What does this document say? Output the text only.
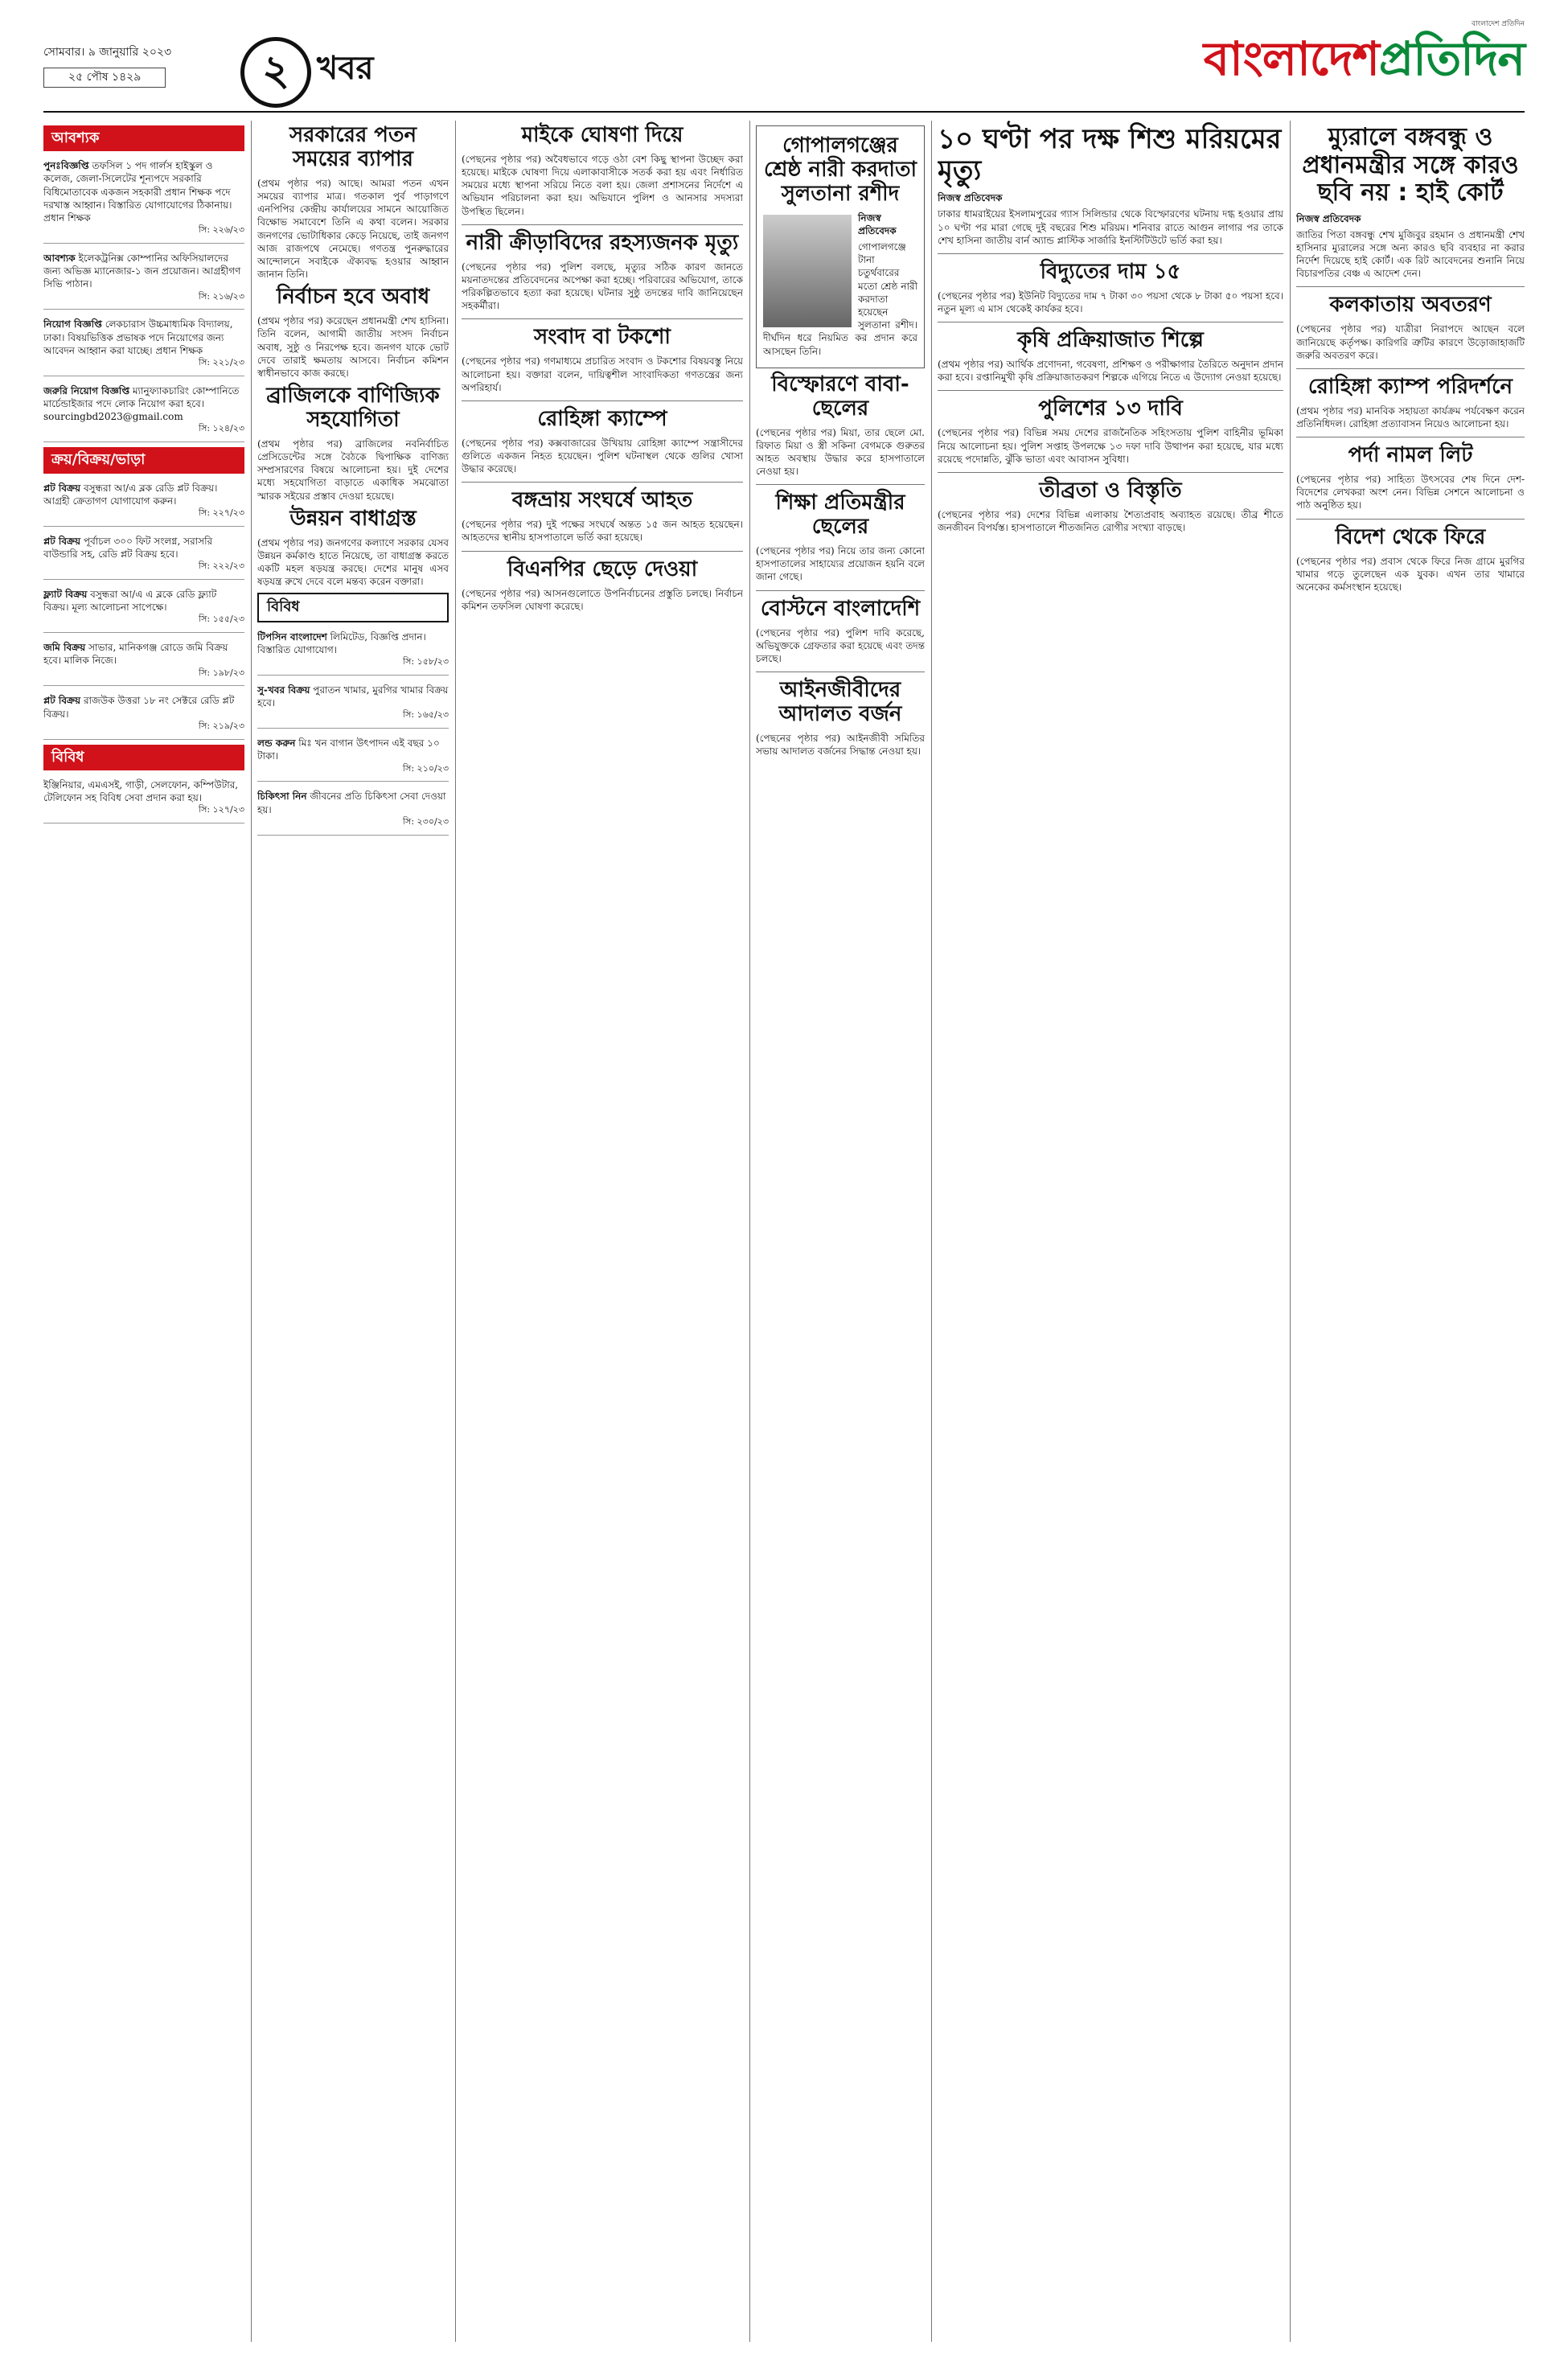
সোমবার। ৯ জানুয়ারি ২০২৩
২৫ পৌষ ১৪২৯	২ খবর
বাংলাদেশ প্রতিদিন
বাংলাদেশপ্রতিদিন
আবশ্যক
পুনঃবিজ্ঞপ্তি তফসিল ১ পদ গার্লস হাইস্কুল ও কলেজ, জেলা-সিলেটের শূন্যপদে সরকারি বিধিমোতাবেক একজন সহকারী প্রধান শিক্ষক পদে দরখাস্ত আহ্বান। বিস্তারিত যোগাযোগের ঠিকানায়। প্রধান শিক্ষক
সি: ২২৬/২৩
আবশ্যক ইলেকট্রনিক্স কোম্পানির অফিসিয়ালদের জন্য অভিজ্ঞ ম্যানেজার-১ জন প্রয়োজন। আগ্রহীগণ সিভি পাঠান।
সি: ২১৬/২৩
নিয়োগ বিজ্ঞপ্তি লেকচারাস উচ্চমাধ্যমিক বিদ্যালয়, ঢাকা। বিষয়ভিত্তিক প্রভাষক পদে নিয়োগের জন্য আবেদন আহ্বান করা যাচ্ছে। প্রধান শিক্ষক
সি: ২২১/২৩
জরুরি নিয়োগ বিজ্ঞপ্তি ম্যানুফ্যাকচারিং কোম্পানিতে মার্চেন্ডাইজার পদে লোক নিয়োগ করা হবে। sourcingbd2023@gmail.com
সি: ১২৪/২৩
ক্রয়/বিক্রয়/ভাড়া
প্লট বিক্রয় বসুন্ধরা আ/এ ব্লক রেডি প্লট বিক্রয়। আগ্রহী ক্রেতাগণ যোগাযোগ করুন।
সি: ২২৭/২৩
প্লট বিক্রয় পূর্বাচল ৩০০ ফিট সংলগ্ন, সরাসরি বাউন্ডারি সহ, রেডি প্লট বিক্রয় হবে।
সি: ২২২/২৩
ফ্ল্যাট বিক্রয় বসুন্ধরা আ/এ এ ব্লকে রেডি ফ্ল্যাট বিক্রয়। মূল্য আলোচনা সাপেক্ষে।
সি: ১৫৫/২৩
জমি বিক্রয় সাভার, মানিকগঞ্জ রোডে জমি বিক্রয় হবে। মালিক নিজে।
সি: ১৯৮/২৩
প্লট বিক্রয় রাজউক উত্তরা ১৮ নং সেক্টরে রেডি প্লট বিক্রয়।
সি: ২১৯/২৩
বিবিধ
ইঞ্জিনিয়ার, এমএসই, গাড়ী, সেলফোন, কম্পিউটার, টেলিফোন সহ বিবিধ সেবা প্রদান করা হয়।
সি: ১২৭/২৩
সরকারের পতন সময়ের ব্যাপার

(প্রথম পৃষ্ঠার পর) আছে। আমরা পতন এখন সময়ের ব্যাপার মাত্র। গতকাল পুর্ব পাড়াগণে এনপিপির কেন্দ্রীয় কার্যালয়ের সামনে আয়োজিত বিক্ষোভ সমাবেশে তিনি এ কথা বলেন। সরকার জনগণের ভোটাধিকার কেড়ে নিয়েছে, তাই জনগণ আজ রাজপথে নেমেছে। গণতন্ত্র পুনরুদ্ধারের আন্দোলনে সবাইকে ঐক্যবদ্ধ হওয়ার আহ্বান জানান তিনি।

নির্বাচন হবে অবাধ

(প্রথম পৃষ্ঠার পর) করেছেন প্রধানমন্ত্রী শেখ হাসিনা। তিনি বলেন, আগামী জাতীয় সংসদ নির্বাচন অবাধ, সুষ্ঠু ও নিরপেক্ষ হবে। জনগণ যাকে ভোট দেবে তারাই ক্ষমতায় আসবে। নির্বাচন কমিশন স্বাধীনভাবে কাজ করছে।

ব্রাজিলকে বাণিজ্যিক সহযোগিতা

(প্রথম পৃষ্ঠার পর) ব্রাজিলের নবনির্বাচিত প্রেসিডেন্টের সঙ্গে বৈঠকে দ্বিপাক্ষিক বাণিজ্য সম্প্রসারণের বিষয়ে আলোচনা হয়। দুই দেশের মধ্যে সহযোগিতা বাড়াতে একাধিক সমঝোতা স্মারক সইয়ের প্রস্তাব দেওয়া হয়েছে।

উন্নয়ন বাধাগ্রস্ত

(প্রথম পৃষ্ঠার পর) জনগণের কল্যাণে সরকার যেসব উন্নয়ন কর্মকাণ্ড হাতে নিয়েছে, তা বাধাগ্রস্ত করতে একটি মহল ষড়যন্ত্র করছে। দেশের মানুষ এসব ষড়যন্ত্র রুখে দেবে বলে মন্তব্য করেন বক্তারা।

বিবিধ
টিপসিন বাংলাদেশ লিমিটেড, বিজ্ঞপ্তি প্রদান। বিস্তারিত যোগাযোগ।
সি: ১৫৮/২৩
সু-খবর বিক্রয় পুরাতন খামার, মুরগির খামার বিক্রয় হবে।
সি: ১৬৫/২৩
লন্ড করুন মিঃ খন বাগান উৎপাদন এই বছর ১০ টাকা।
সি: ২১০/২৩
চিকিৎসা নিন জীবনের প্রতি চিকিৎসা সেবা দেওয়া হয়।
সি: ২৩০/২৩
মাইকে ঘোষণা দিয়ে

(পেছনের পৃষ্ঠার পর) অবৈধভাবে গড়ে ওঠা বেশ কিছু স্থাপনা উচ্ছেদ করা হয়েছে। মাইকে ঘোষণা দিয়ে এলাকাবাসীকে সতর্ক করা হয় এবং নির্ধারিত সময়ের মধ্যে স্থাপনা সরিয়ে নিতে বলা হয়। জেলা প্রশাসনের নির্দেশে এ অভিযান পরিচালনা করা হয়। অভিযানে পুলিশ ও আনসার সদস্যরা উপস্থিত ছিলেন।

নারী ক্রীড়াবিদের রহস্যজনক মৃত্যু

(পেছনের পৃষ্ঠার পর) পুলিশ বলছে, মৃত্যুর সঠিক কারণ জানতে ময়নাতদন্তের প্রতিবেদনের অপেক্ষা করা হচ্ছে। পরিবারের অভিযোগ, তাকে পরিকল্পিতভাবে হত্যা করা হয়েছে। ঘটনার সুষ্ঠু তদন্তের দাবি জানিয়েছেন সহকর্মীরা।

সংবাদ বা টকশো

(পেছনের পৃষ্ঠার পর) গণমাধ্যমে প্রচারিত সংবাদ ও টকশোর বিষয়বস্তু নিয়ে আলোচনা হয়। বক্তারা বলেন, দায়িত্বশীল সাংবাদিকতা গণতন্ত্রের জন্য অপরিহার্য।

রোহিঙ্গা ক্যাম্পে

(পেছনের পৃষ্ঠার পর) কক্সবাজারের উখিয়ায় রোহিঙ্গা ক্যাম্পে সন্ত্রাসীদের গুলিতে একজন নিহত হয়েছেন। পুলিশ ঘটনাস্থল থেকে গুলির খোসা উদ্ধার করেছে।

বঙ্গভ্রায় সংঘর্ষে আহত

(পেছনের পৃষ্ঠার পর) দুই পক্ষের সংঘর্ষে অন্তত ১৫ জন আহত হয়েছেন। আহতদের স্থানীয় হাসপাতালে ভর্তি করা হয়েছে।

বিএনপির ছেড়ে দেওয়া

(পেছনের পৃষ্ঠার পর) আসনগুলোতে উপনির্বাচনের প্রস্তুতি চলছে। নির্বাচন কমিশন তফসিল ঘোষণা করেছে।

গোপালগঞ্জের শ্রেষ্ঠ নারী করদাতা সুলতানা রশীদ
নিজস্ব প্রতিবেদক

গোপালগঞ্জে টানা চতুর্থবারের মতো শ্রেষ্ঠ নারী করদাতা হয়েছেন সুলতানা রশীদ। দীর্ঘদিন ধরে নিয়মিত কর প্রদান করে আসছেন তিনি।

বিস্ফোরণে বাবা-ছেলের

(পেছনের পৃষ্ঠার পর) মিয়া, তার ছেলে মো. রিফাত মিয়া ও স্ত্রী সকিনা বেগমকে গুরুতর আহত অবস্থায় উদ্ধার করে হাসপাতালে নেওয়া হয়।

শিক্ষা প্রতিমন্ত্রীর ছেলের

(পেছনের পৃষ্ঠার পর) নিয়ে তার জন্য কোনো হাসপাতালের সাহায্যের প্রয়োজন হয়নি বলে জানা গেছে।

বোস্টনে বাংলাদেশি

(পেছনের পৃষ্ঠার পর) পুলিশ দাবি করেছে, অভিযুক্তকে গ্রেফতার করা হয়েছে এবং তদন্ত চলছে।

আইনজীবীদের আদালত বর্জন

(পেছনের পৃষ্ঠার পর) আইনজীবী সমিতির সভায় আদালত বর্জনের সিদ্ধান্ত নেওয়া হয়।

১০ ঘণ্টা পর দক্ষ শিশু মরিয়মের মৃত্যু
নিজস্ব প্রতিবেদক

ঢাকার ধামরাইয়ের ইসলামপুরের গ্যাস সিলিন্ডার থেকে বিস্ফোরণের ঘটনায় দগ্ধ হওয়ার প্রায় ১০ ঘণ্টা পর মারা গেছে দুই বছরের শিশু মরিয়ম। শনিবার রাতে আগুন লাগার পর তাকে শেখ হাসিনা জাতীয় বার্ন অ্যান্ড প্লাস্টিক সার্জারি ইনস্টিটিউটে ভর্তি করা হয়।

বিদ্যুতের দাম ১৫

(পেছনের পৃষ্ঠার পর) ইউনিট বিদ্যুতের দাম ৭ টাকা ৩০ পয়সা থেকে ৮ টাকা ৫০ পয়সা হবে। নতুন মূল্য এ মাস থেকেই কার্যকর হবে।

কৃষি প্রক্রিয়াজাত শিল্পে

(প্রথম পৃষ্ঠার পর) আর্থিক প্রণোদনা, গবেষণা, প্রশিক্ষণ ও পরীক্ষাগার তৈরিতে অনুদান প্রদান করা হবে। রপ্তানিমুখী কৃষি প্রক্রিয়াজাতকরণ শিল্পকে এগিয়ে নিতে এ উদ্যোগ নেওয়া হয়েছে।

পুলিশের ১৩ দাবি

(পেছনের পৃষ্ঠার পর) বিভিন্ন সময় দেশের রাজনৈতিক সহিংসতায় পুলিশ বাহিনীর ভূমিকা নিয়ে আলোচনা হয়। পুলিশ সপ্তাহ উপলক্ষে ১৩ দফা দাবি উত্থাপন করা হয়েছে, যার মধ্যে রয়েছে পদোন্নতি, ঝুঁকি ভাতা এবং আবাসন সুবিধা।

তীব্রতা ও বিস্তৃতি

(পেছনের পৃষ্ঠার পর) দেশের বিভিন্ন এলাকায় শৈত্যপ্রবাহ অব্যাহত রয়েছে। তীব্র শীতে জনজীবন বিপর্যস্ত। হাসপাতালে শীতজনিত রোগীর সংখ্যা বাড়ছে।

ম্যুরালে বঙ্গবন্ধু ও প্রধানমন্ত্রীর সঙ্গে কারও ছবি নয় : হাই কোর্ট
নিজস্ব প্রতিবেদক

জাতির পিতা বঙ্গবন্ধু শেখ মুজিবুর রহমান ও প্রধানমন্ত্রী শেখ হাসিনার ম্যুরালের সঙ্গে অন্য কারও ছবি ব্যবহার না করার নির্দেশ দিয়েছে হাই কোর্ট। এক রিট আবেদনের শুনানি নিয়ে বিচারপতির বেঞ্চ এ আদেশ দেন।

কলকাতায় অবতরণ

(পেছনের পৃষ্ঠার পর) যাত্রীরা নিরাপদে আছেন বলে জানিয়েছে কর্তৃপক্ষ। কারিগরি ত্রুটির কারণে উড়োজাহাজটি জরুরি অবতরণ করে।

রোহিঙ্গা ক্যাম্প পরিদর্শনে

(প্রথম পৃষ্ঠার পর) মানবিক সহায়তা কার্যক্রম পর্যবেক্ষণ করেন প্রতিনিধিদল। রোহিঙ্গা প্রত্যাবাসন নিয়েও আলোচনা হয়।

পর্দা নামল লিট

(পেছনের পৃষ্ঠার পর) সাহিত্য উৎসবের শেষ দিনে দেশ-বিদেশের লেখকরা অংশ নেন। বিভিন্ন সেশনে আলোচনা ও পাঠ অনুষ্ঠিত হয়।

বিদেশ থেকে ফিরে

(পেছনের পৃষ্ঠার পর) প্রবাস থেকে ফিরে নিজ গ্রামে মুরগির খামার গড়ে তুলেছেন এক যুবক। এখন তার খামারে অনেকের কর্মসংস্থান হয়েছে।
